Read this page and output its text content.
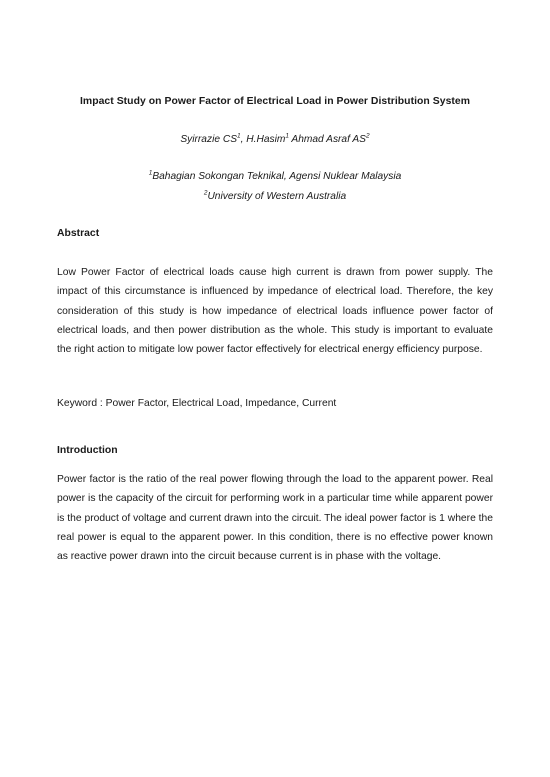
Impact Study on Power Factor of Electrical Load in Power Distribution System
Syirrazie $CS^1$, H.Hasim$^1$ Ahmad Asraf $AS^2$
$^1$Bahagian Sokongan Teknikal, Agensi Nuklear Malaysia
$^2$University of Western Australia
Abstract
Low Power Factor of electrical loads cause high current is drawn from power supply. The impact of this circumstance is influenced by impedance of electrical load. Therefore, the key consideration of this study is how impedance of electrical loads influence power factor of electrical loads, and then power distribution as the whole. This study is important to evaluate the right action to mitigate low power factor effectively for electrical energy efficiency purpose.
Keyword : Power Factor, Electrical Load, Impedance, Current
Introduction
Power factor is the ratio of the real power flowing through the load to the apparent power. Real power is the capacity of the circuit for performing work in a particular time while apparent power is the product of voltage and current drawn into the circuit. The ideal power factor is 1 where the real power is equal to the apparent power. In this condition, there is no effective power known as reactive power drawn into the circuit because current is in phase with the voltage.
